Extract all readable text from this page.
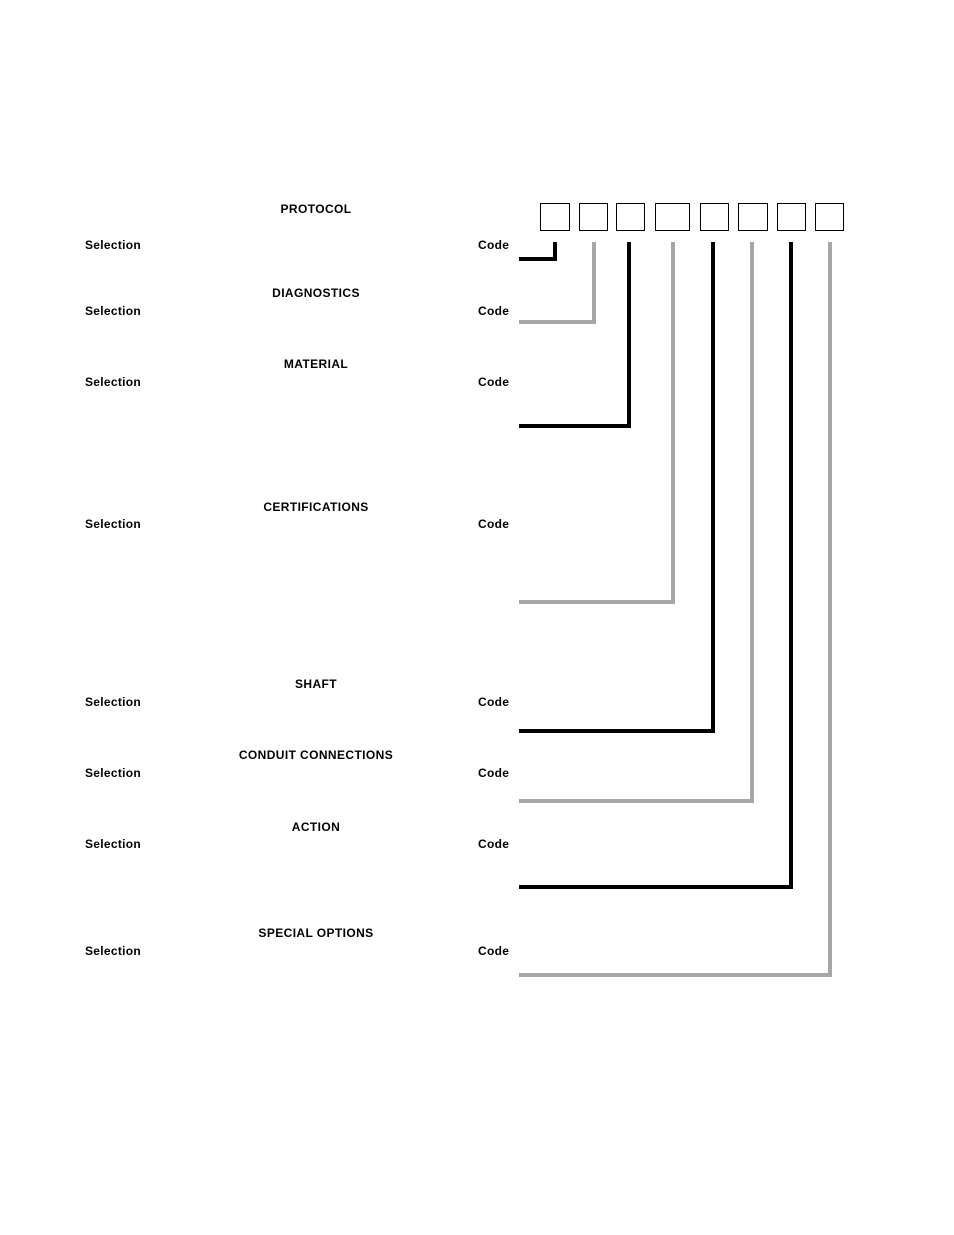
PROTOCOL
Selection	Code
DIAGNOSTICS
Selection	Code
MATERIAL
Selection	Code
CERTIFICATIONS
Selection	Code
SHAFT
Selection	Code
CONDUIT CONNECTIONS
Selection	Code
ACTION
Selection	Code
SPECIAL OPTIONS
Selection	Code
